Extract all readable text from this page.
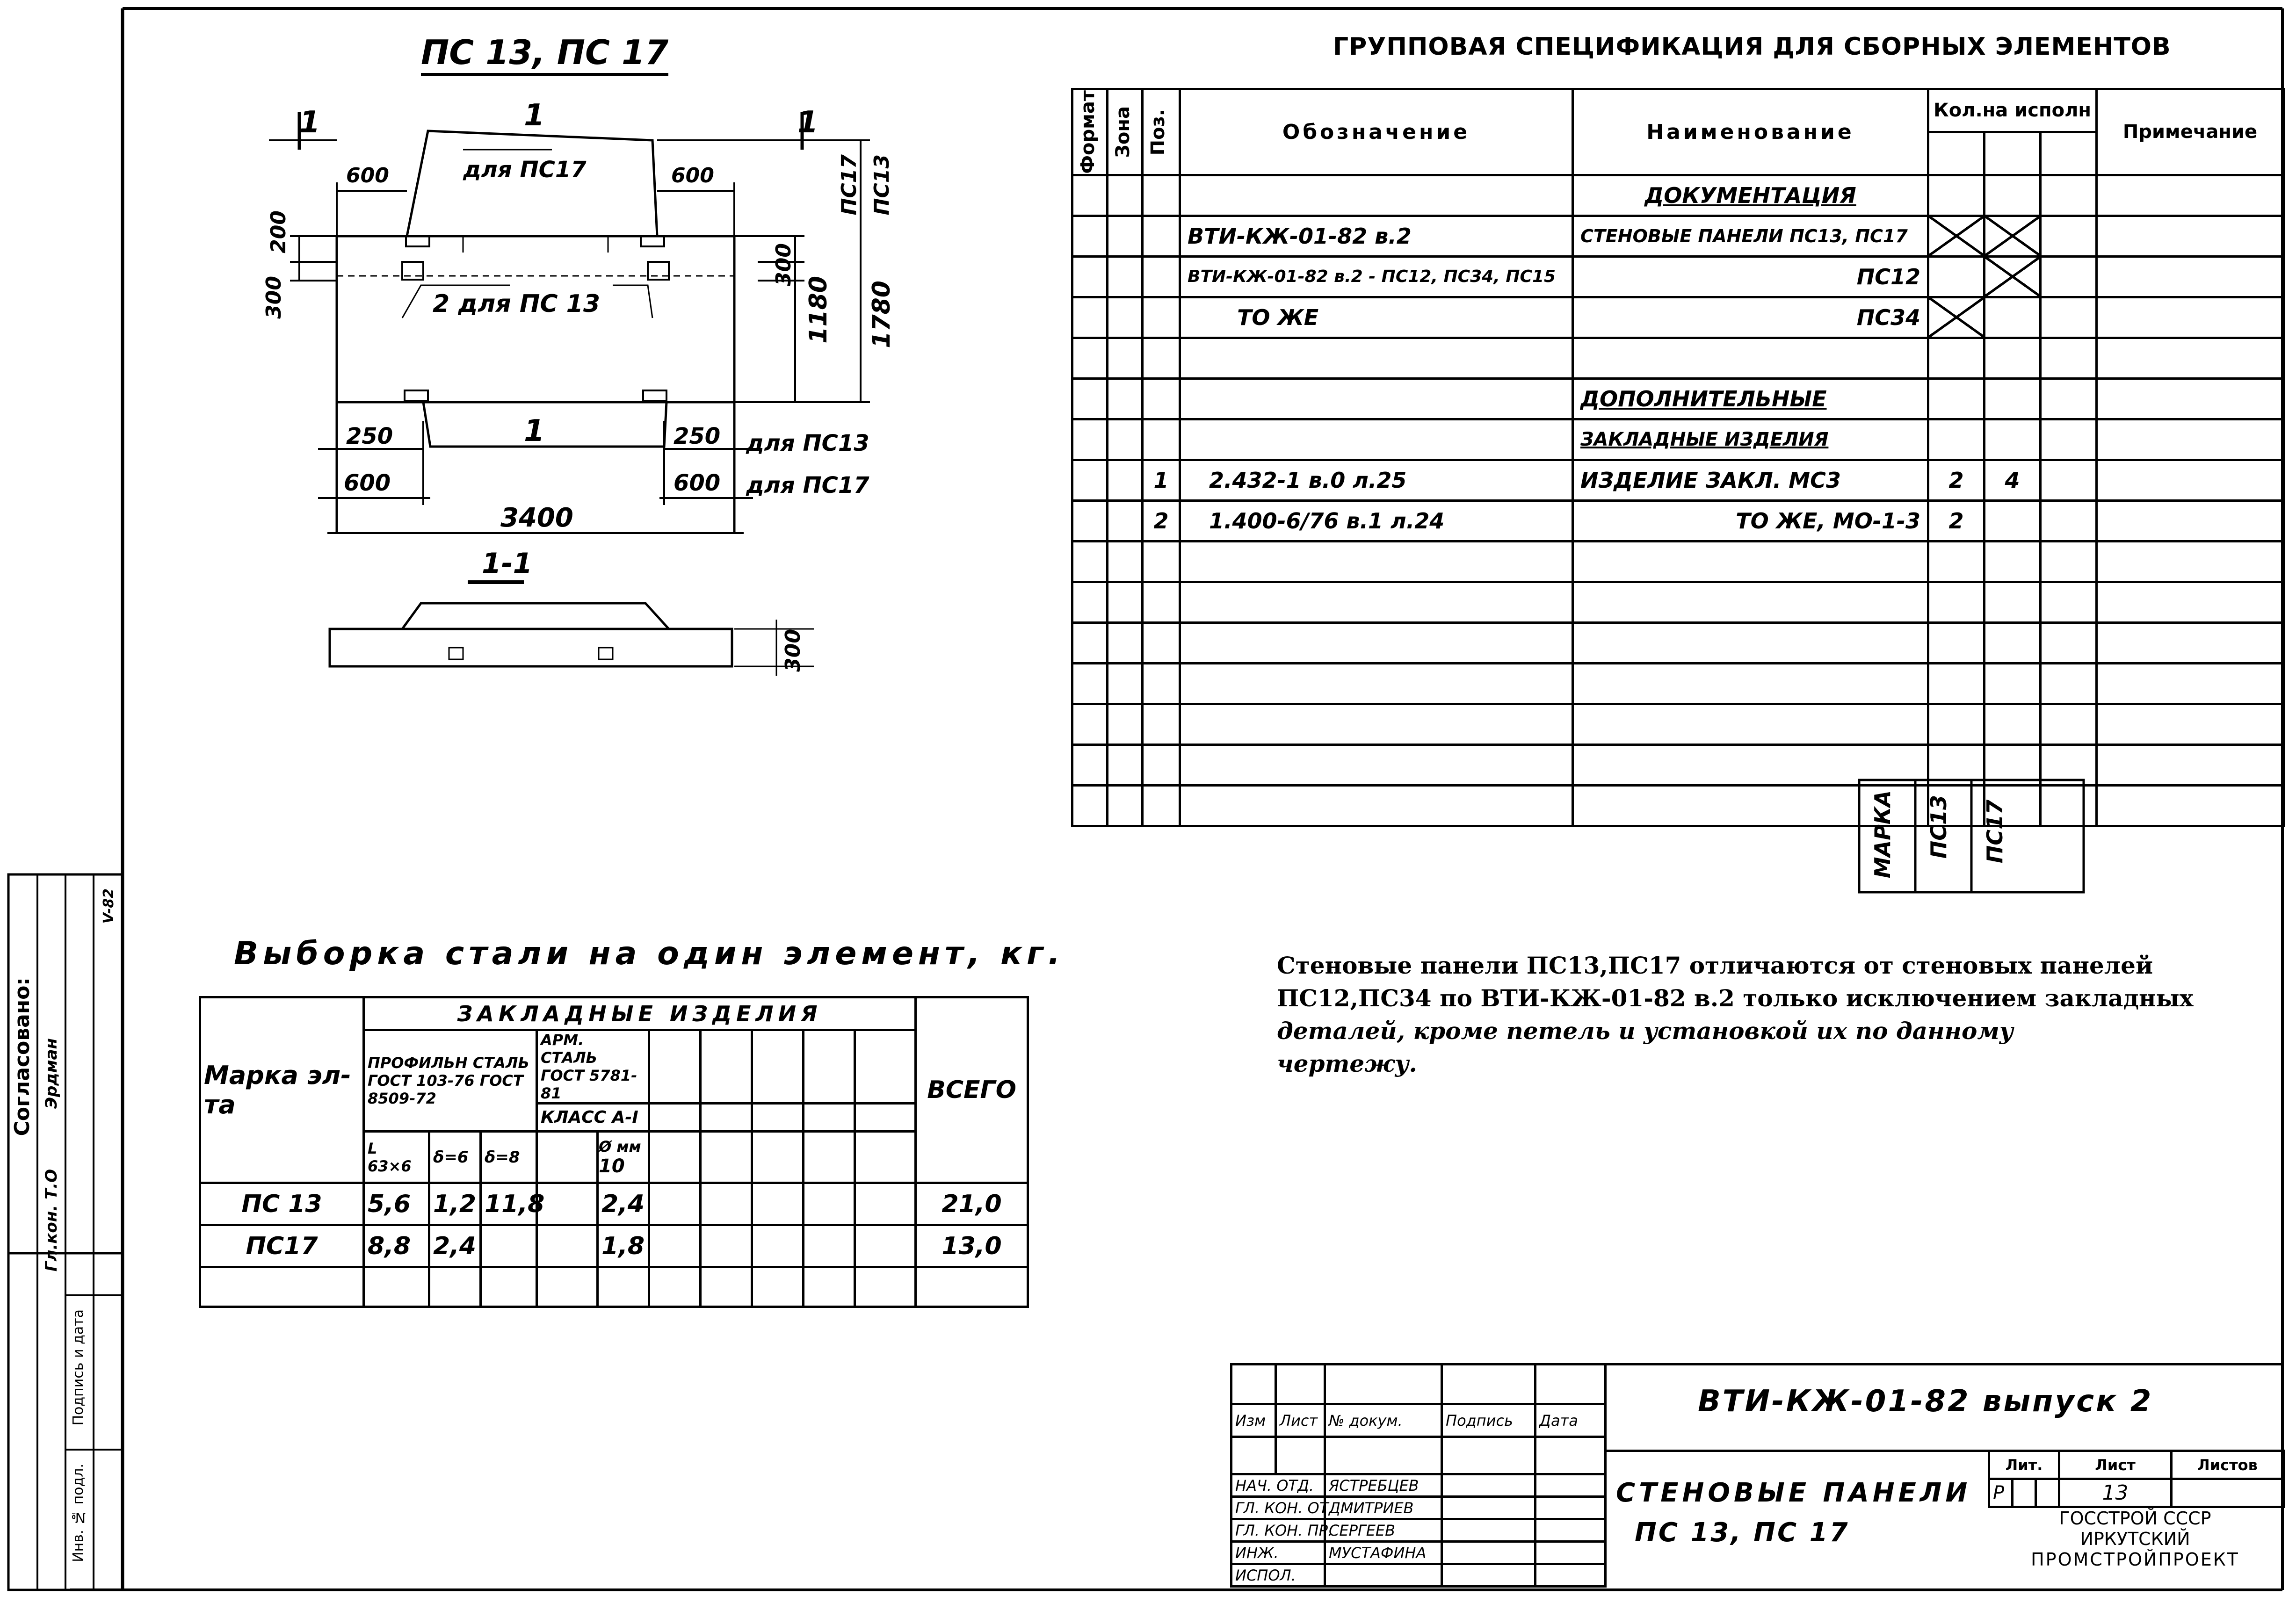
ПС 13, ПС 17
1	1	1
для ПС17
600	600
200
300
300
1180 1780
ПС17 ПС13
2 для ПС 13
1
250	250
600	600
для ПС13
для ПС17
3400
1-1
300
ГРУППОВАЯ СПЕЦИФИКАЦИЯ ДЛЯ СБОРНЫХ ЭЛЕМЕНТОВ
Формат	Зона	Поз.	Обозначение	Наименование	Кол.на исполн			Примечание

				ДОКУМЕНТАЦИЯ				
			ВТИ-КЖ-01-82 в.2	СТЕНОВЫЕ ПАНЕЛИ ПС13, ПС17				
			ВТИ-КЖ-01-82 в.2 - ПС12, ПС34, ПС15	ПС12				
			ТО ЖЕ	ПС34				

				ДОПОЛНИТЕЛЬНЫЕ				
				ЗАКЛАДНЫЕ ИЗДЕЛИЯ				
		1	2.432-1 в.0 л.25	ИЗДЕЛИЕ ЗАКЛ. МС3	2	4		
		2	1.400-6/76 в.1 л.24	ТО ЖЕ, МО-1-3	2			

МАРКА ПС13 ПС17
Стеновые панели ПС13,ПС17 отличаются от стеновых панелей
ПС12,ПС34 по ВТИ-КЖ-01-82 в.2 только исключением закладных
деталей, кроме петель и установкой их по данному
чертежу.
Выборка стали на один элемент, кг.
Марка эл-та	ЗАКЛАДНЫЕ ИЗДЕЛИЯ										ВСЕГО
	ПРОФИЛЬН СТАЛЬ ГОСТ 103-76 ГОСТ 8509-72			АРМ. СТАЛЬ ГОСТ 5781-81							
				КЛАСС А-I							
	L 63×6	δ=6	δ=8		Ø мм
10						

ПС 13	5,6	1,2	11,8		2,4						21,0
ПС17	8,8	2,4			1,8						13,0

Изм	Лист	№ докум.	Подпись	Дата

НАЧ. ОТД.		ЯСТРЕБЦЕВ		
ГЛ. КОН. ОТ.		ДМИТРИЕВ		
ГЛ. КОН. ПР.		СЕРГЕЕВ		
ИНЖ.		МУСТАФИНА		
ИСПОЛ.				
ВТИ-КЖ-01-82 выпуск 2
СТЕНОВЫЕ ПАНЕЛИ
ПС 13, ПС 17
Лит.			Лист	Листов
Р			13	
ГОССТРОЙ СССР
ИРКУТСКИЙ
ПРОМСТРОЙПРОЕКТ
Согласовано:
Гл.кон. Т.О
Эрдман
V-82
Инв. № подл.
Подпись и дата
